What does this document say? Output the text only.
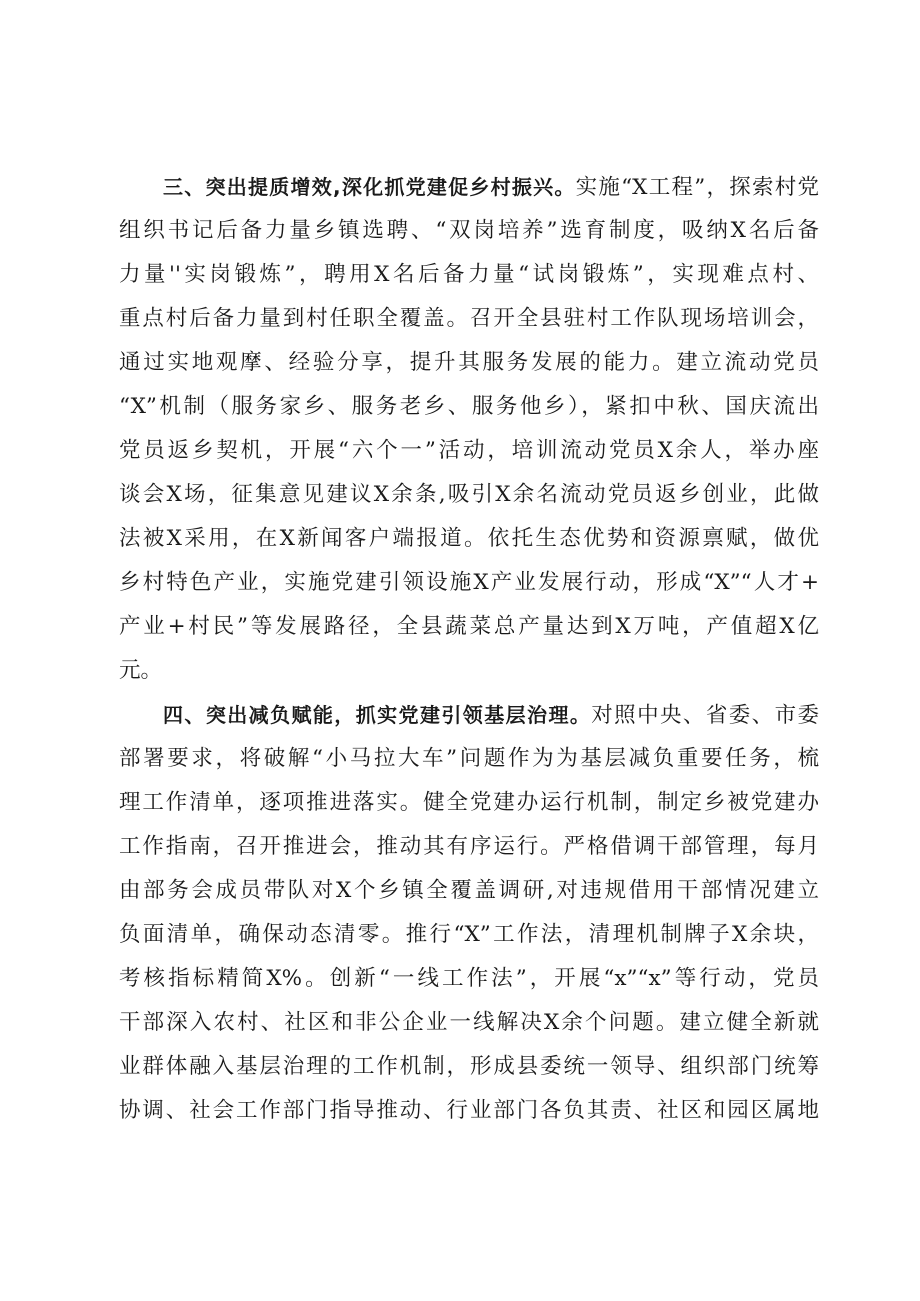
三、突出提质增效,深化抓党建促乡村振兴。实施“X工程”，探索村党
组织书记后备力量乡镇选聘、“双岗培养”选育制度，吸纳X名后备
力量''实岗锻炼”，聘用X名后备力量“试岗锻炼”，实现难点村、
重点村后备力量到村任职全覆盖。召开全县驻村工作队现场培训会，
通过实地观摩、经验分享，提升其服务发展的能力。建立流动党员
“X”机制（服务家乡、服务老乡、服务他乡），紧扣中秋、国庆流出
党员返乡契机，开展“六个一”活动，培训流动党员X余人，举办座
谈会X场，征集意见建议X余条,吸引X余名流动党员返乡创业，此做
法被X采用，在X新闻客户端报道。依托生态优势和资源禀赋，做优
乡村特色产业，实施党建引领设施X产业发展行动，形成“X”“人才+
产业+村民”等发展路径，全县蔬菜总产量达到X万吨，产值超X亿
元。
四、突出减负赋能，抓实党建引领基层治理。对照中央、省委、市委
部署要求，将破解“小马拉大车”问题作为为基层减负重要任务，梳
理工作清单，逐项推进落实。健全党建办运行机制，制定乡被党建办
工作指南，召开推进会，推动其有序运行。严格借调干部管理，每月
由部务会成员带队对X个乡镇全覆盖调研,对违规借用干部情况建立
负面清单，确保动态清零。推行“X”工作法，清理机制牌子X余块，
考核指标精简X%。创新“一线工作法”，开展“x”“x”等行动，党员
干部深入农村、社区和非公企业一线解决X余个问题。建立健全新就
业群体融入基层治理的工作机制，形成县委统一领导、组织部门统筹
协调、社会工作部门指导推动、行业部门各负其责、社区和园区属地
